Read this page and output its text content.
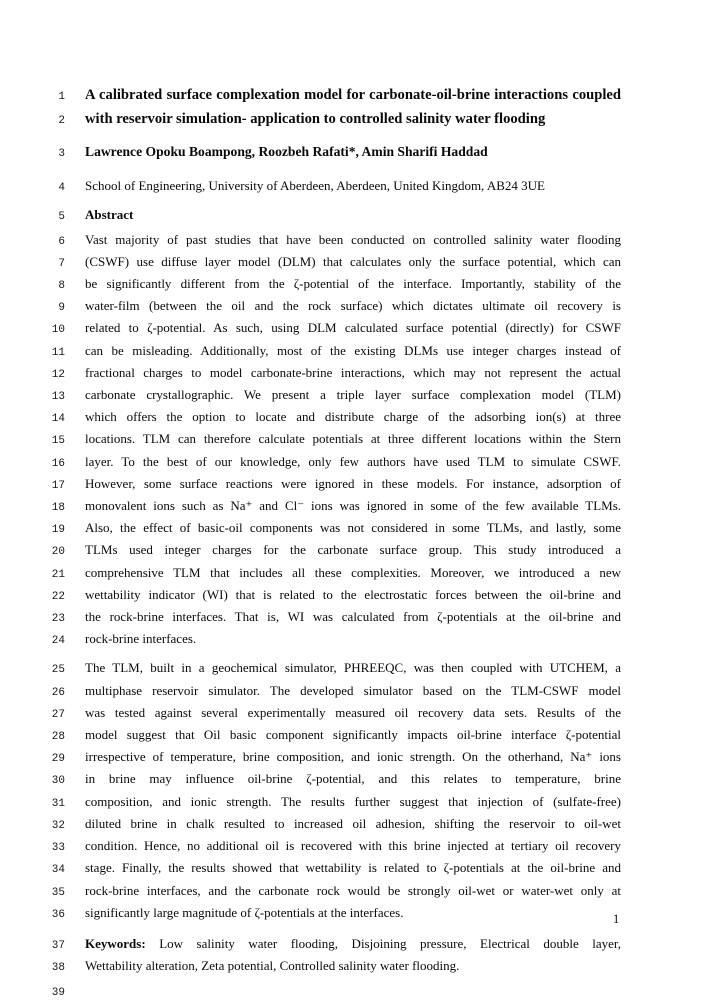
1 A calibrated surface complexation model for carbonate-oil-brine interactions coupled
2 with reservoir simulation- application to controlled salinity water flooding
3 Lawrence Opoku Boampong, Roozbeh Rafati*, Amin Sharifi Haddad
4 School of Engineering, University of Aberdeen, Aberdeen, United Kingdom, AB24 3UE
5 Abstract
6 Vast majority of past studies that have been conducted on controlled salinity water flooding
7 (CSWF) use diffuse layer model (DLM) that calculates only the surface potential, which can
8 be significantly different from the ζ-potential of the interface. Importantly, stability of the
9 water-film (between the oil and the rock surface) which dictates ultimate oil recovery is
10 related to ζ-potential. As such, using DLM calculated surface potential (directly) for CSWF
11 can be misleading. Additionally, most of the existing DLMs use integer charges instead of
12 fractional charges to model carbonate-brine interactions, which may not represent the actual
13 carbonate crystallographic. We present a triple layer surface complexation model (TLM)
14 which offers the option to locate and distribute charge of the adsorbing ion(s) at three
15 locations. TLM can therefore calculate potentials at three different locations within the Stern
16 layer. To the best of our knowledge, only few authors have used TLM to simulate CSWF.
17 However, some surface reactions were ignored in these models. For instance, adsorption of
18 monovalent ions such as Na⁺ and Cl⁻ ions was ignored in some of the few available TLMs.
19 Also, the effect of basic-oil components was not considered in some TLMs, and lastly, some
20 TLMs used integer charges for the carbonate surface group. This study introduced a
21 comprehensive TLM that includes all these complexities. Moreover, we introduced a new
22 wettability indicator (WI) that is related to the electrostatic forces between the oil-brine and
23 the rock-brine interfaces. That is, WI was calculated from ζ-potentials at the oil-brine and
24 rock-brine interfaces.
25 The TLM, built in a geochemical simulator, PHREEQC, was then coupled with UTCHEM, a
26 multiphase reservoir simulator. The developed simulator based on the TLM-CSWF model
27 was tested against several experimentally measured oil recovery data sets. Results of the
28 model suggest that Oil basic component significantly impacts oil-brine interface ζ-potential
29 irrespective of temperature, brine composition, and ionic strength. On the otherhand, Na⁺ ions
30 in brine may influence oil-brine ζ-potential, and this relates to temperature, brine
31 composition, and ionic strength. The results further suggest that injection of (sulfate-free)
32 diluted brine in chalk resulted to increased oil adhesion, shifting the reservoir to oil-wet
33 condition. Hence, no additional oil is recovered with this brine injected at tertiary oil recovery
34 stage. Finally, the results showed that wettability is related to ζ-potentials at the oil-brine and
35 rock-brine interfaces, and the carbonate rock would be strongly oil-wet or water-wet only at
36 significantly large magnitude of ζ-potentials at the interfaces.
37 Keywords: Low salinity water flooding, Disjoining pressure, Electrical double layer,
38 Wettability alteration, Zeta potential, Controlled salinity water flooding.
39
1
